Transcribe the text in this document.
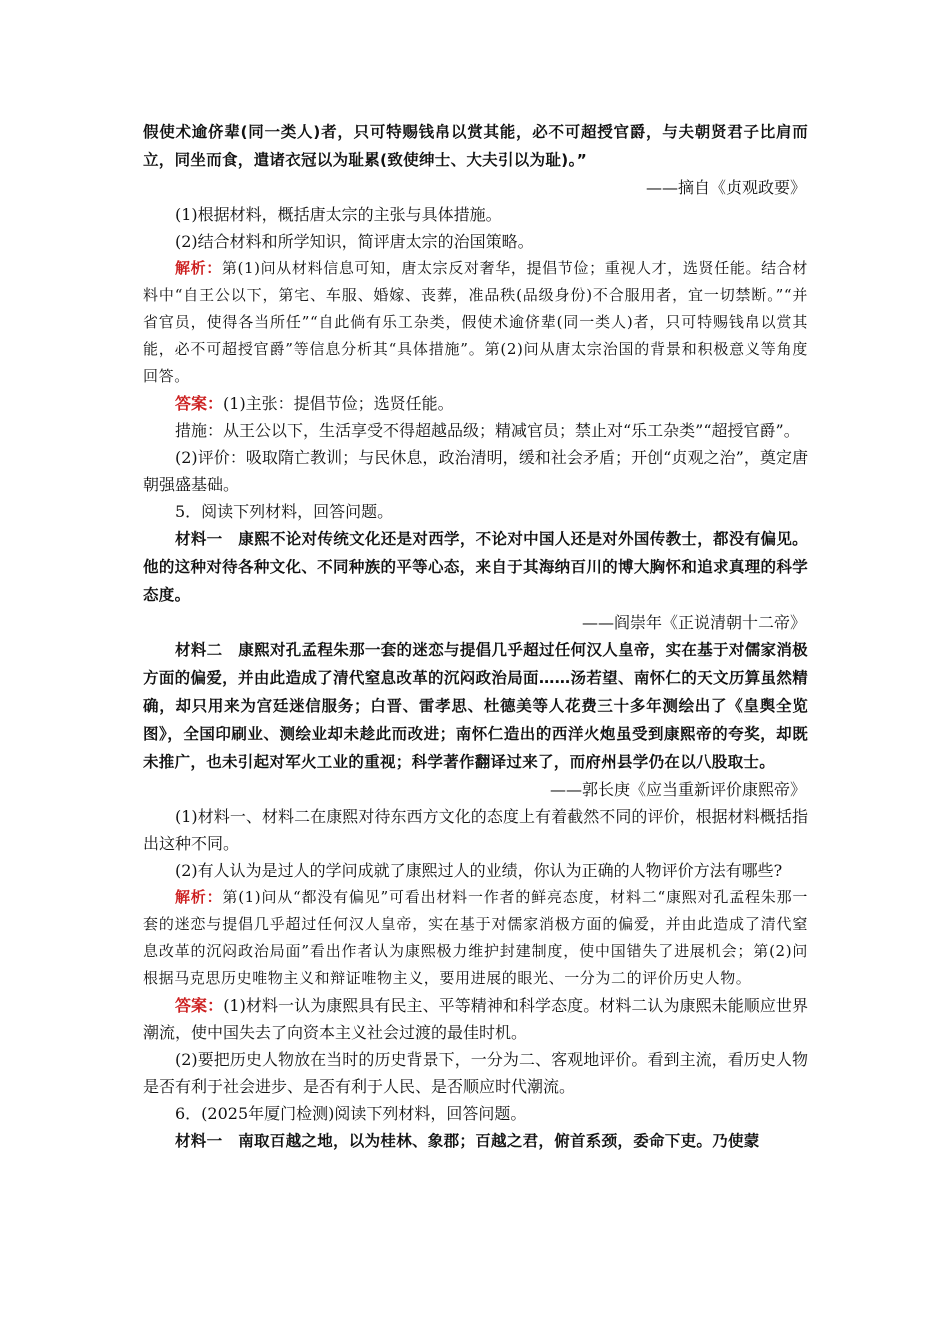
假使术逾侪辈(同一类人)者，只可特赐钱帛以赏其能，必不可超授官爵，与夫朝贤君子比肩而立，同坐而食，遣诸衣冠以为耻累(致使绅士、大夫引以为耻)。”

——摘自《贞观政要》

(1)根据材料，概括唐太宗的主张与具体措施。

(2)结合材料和所学知识，简评唐太宗的治国策略。

解析：第(1)问从材料信息可知，唐太宗反对奢华，提倡节俭；重视人才，选贤任能。结合材料中“自王公以下，第宅、车服、婚嫁、丧葬，准品秩(品级身份)不合服用者，宜一切禁断。”“并省官员，使得各当所任”“自此倘有乐工杂类，假使术逾侪辈(同一类人)者，只可特赐钱帛以赏其能，必不可超授官爵”等信息分析其“具体措施”。第(2)问从唐太宗治国的背景和积极意义等角度回答。

答案：(1)主张：提倡节俭；选贤任能。

措施：从王公以下，生活享受不得超越品级；精减官员；禁止对“乐工杂类”“超授官爵”。

(2)评价：吸取隋亡教训；与民休息，政治清明，缓和社会矛盾；开创“贞观之治”，奠定唐朝强盛基础。

5．阅读下列材料，回答问题。

材料一　康熙不论对传统文化还是对西学，不论对中国人还是对外国传教士，都没有偏见。他的这种对待各种文化、不同种族的平等心态，来自于其海纳百川的博大胸怀和追求真理的科学态度。

——阎崇年《正说清朝十二帝》

材料二　康熙对孔孟程朱那一套的迷恋与提倡几乎超过任何汉人皇帝，实在基于对儒家消极方面的偏爱，并由此造成了清代窒息改革的沉闷政治局面……汤若望、南怀仁的天文历算虽然精确，却只用来为宫廷迷信服务；白晋、雷孝思、杜德美等人花费三十多年测绘出了《皇舆全览图》，全国印刷业、测绘业却未趁此而改进；南怀仁造出的西洋火炮虽受到康熙帝的夸奖，却既未推广，也未引起对军火工业的重视；科学著作翻译过来了，而府州县学仍在以八股取士。

——郭长庚《应当重新评价康熙帝》

(1)材料一、材料二在康熙对待东西方文化的态度上有着截然不同的评价，根据材料概括指出这种不同。

(2)有人认为是过人的学问成就了康熙过人的业绩，你认为正确的人物评价方法有哪些?

解析：第(1)问从“都没有偏见”可看出材料一作者的鲜亮态度，材料二“康熙对孔孟程朱那一套的迷恋与提倡几乎超过任何汉人皇帝，实在基于对儒家消极方面的偏爱，并由此造成了清代窒息改革的沉闷政治局面”看出作者认为康熙极力维护封建制度，使中国错失了进展机会；第(2)问根据马克思历史唯物主义和辩证唯物主义，要用进展的眼光、一分为二的评价历史人物。

答案：(1)材料一认为康熙具有民主、平等精神和科学态度。材料二认为康熙未能顺应世界潮流，使中国失去了向资本主义社会过渡的最佳时机。

(2)要把历史人物放在当时的历史背景下，一分为二、客观地评价。看到主流，看历史人物是否有利于社会进步、是否有利于人民、是否顺应时代潮流。

6．(2025年厦门检测)阅读下列材料，回答问题。

材料一　南取百越之地，以为桂林、象郡；百越之君，俯首系颈，委命下吏。乃使蒙
